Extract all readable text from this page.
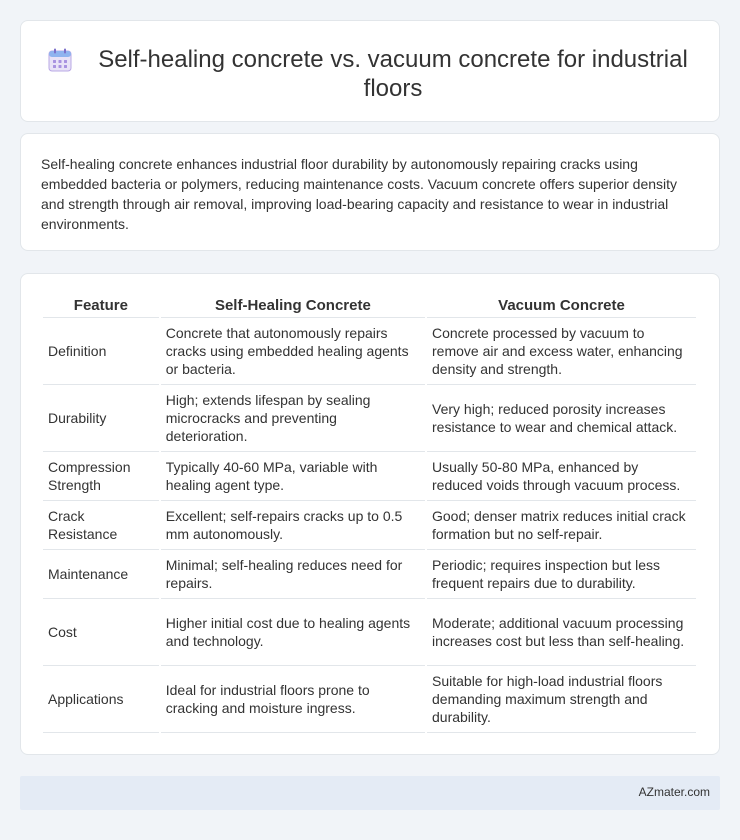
Self-healing concrete vs. vacuum concrete for industrial floors

Self-healing concrete enhances industrial floor durability by autonomously repairing cracks using embedded bacteria or polymers, reducing maintenance costs. Vacuum concrete offers superior density and strength through air removal, improving load-bearing capacity and resistance to wear in industrial environments.

Feature	Self-Healing Concrete	Vacuum Concrete
Definition	Concrete that autonomously repairs cracks using embedded healing agents or bacteria.	Concrete processed by vacuum to remove air and excess water, enhancing density and strength.
Durability	High; extends lifespan by sealing microcracks and preventing deterioration.	Very high; reduced porosity increases resistance to wear and chemical attack.
Compression Strength	Typically 40-60 MPa, variable with healing agent type.	Usually 50-80 MPa, enhanced by reduced voids through vacuum process.
Crack Resistance	Excellent; self-repairs cracks up to 0.5 mm autonomously.	Good; denser matrix reduces initial crack formation but no self-repair.
Maintenance	Minimal; self-healing reduces need for repairs.	Periodic; requires inspection but less frequent repairs due to durability.
Cost	Higher initial cost due to healing agents and technology.	Moderate; additional vacuum processing increases cost but less than self-healing.
Applications	Ideal for industrial floors prone to cracking and moisture ingress.	Suitable for high-load industrial floors demanding maximum strength and durability.
AZmater.com
